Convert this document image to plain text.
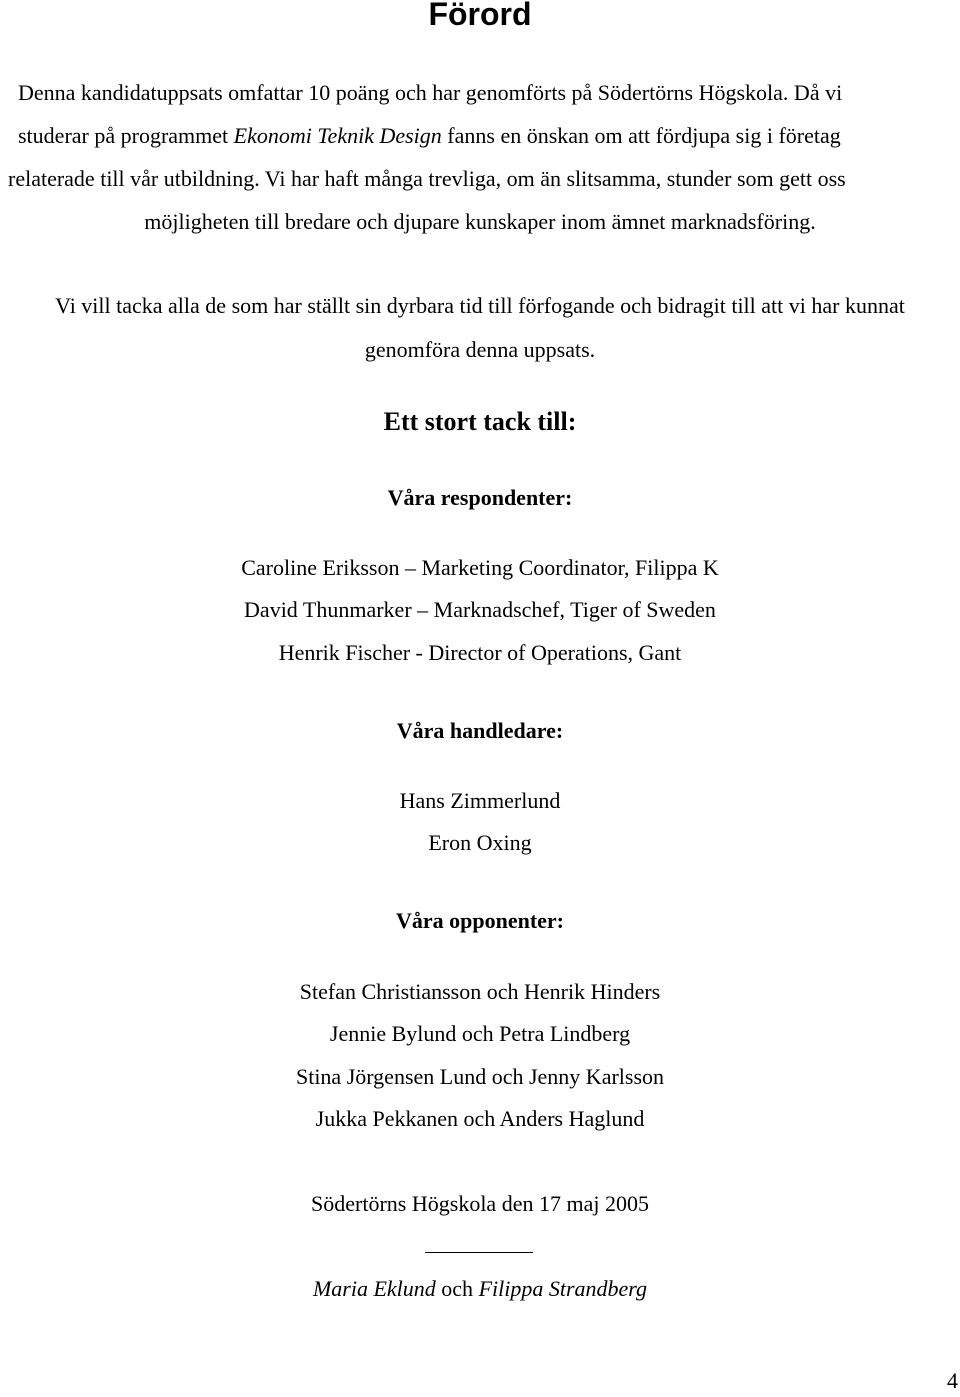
Förord
Denna kandidatuppsats omfattar 10 poäng och har genomförts på Södertörns Högskola. Då vi
studerar på programmet Ekonomi Teknik Design fanns en önskan om att fördjupa sig i företag
relaterade till vår utbildning. Vi har haft många trevliga, om än slitsamma, stunder som gett oss
möjligheten till bredare och djupare kunskaper inom ämnet marknadsföring.
Vi vill tacka alla de som har ställt sin dyrbara tid till förfogande och bidragit till att vi har kunnat
genomföra denna uppsats.
Ett stort tack till:
Våra respondenter:
Caroline Eriksson – Marketing Coordinator, Filippa K
David Thunmarker – Marknadschef, Tiger of Sweden
Henrik Fischer - Director of Operations, Gant
Våra handledare:
Hans Zimmerlund
Eron Oxing
Våra opponenter:
Stefan Christiansson och Henrik Hinders
Jennie Bylund och Petra Lindberg
Stina Jörgensen Lund och Jenny Karlsson
Jukka Pekkanen och Anders Haglund
Södertörns Högskola den 17 maj 2005
Maria Eklund och Filippa Strandberg
4
